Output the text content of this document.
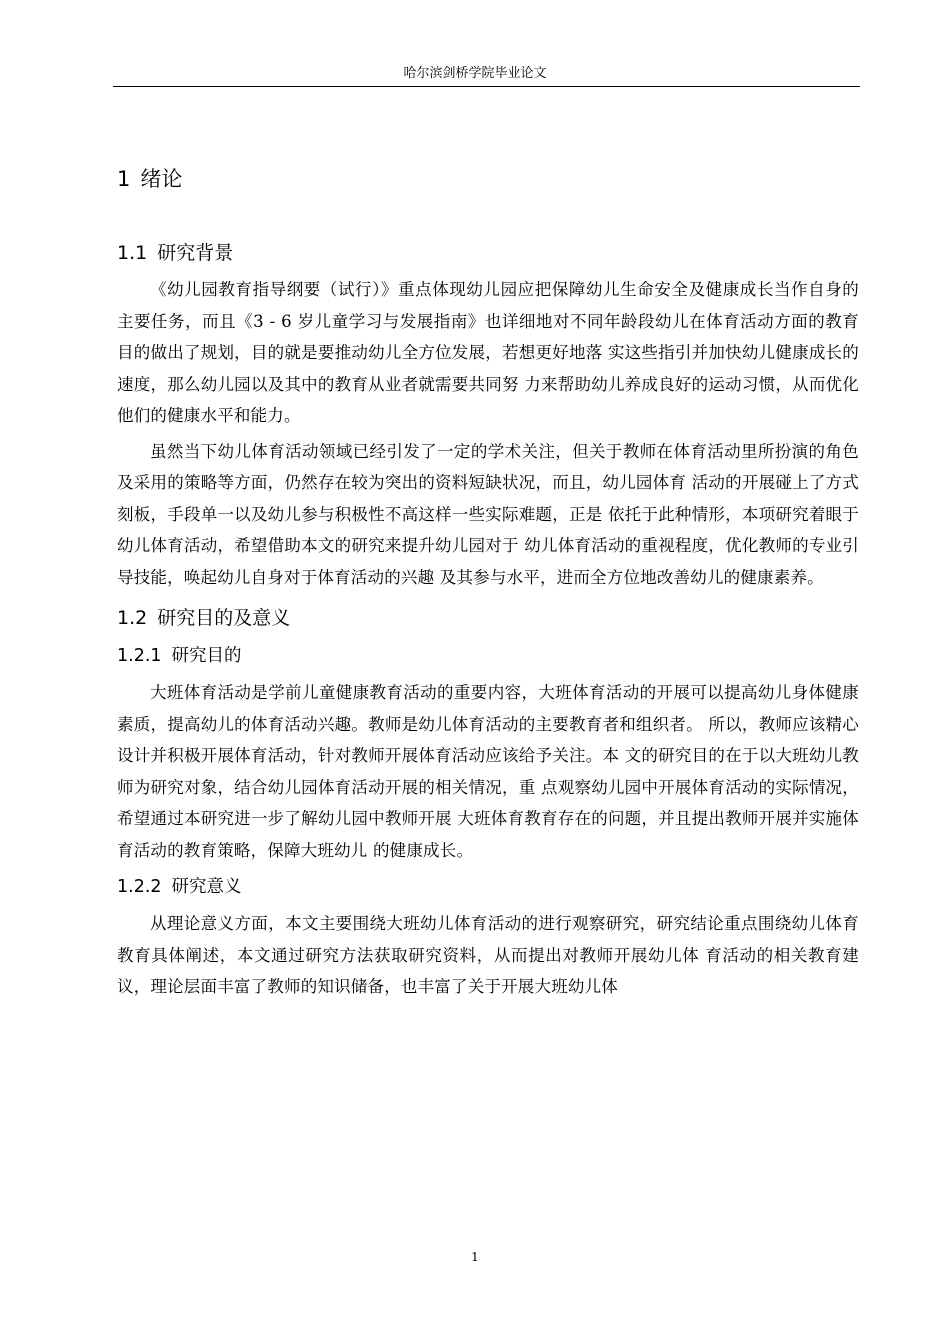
哈尔滨剑桥学院毕业论文
1 绪论
1.1 研究背景

《幼儿园教育指导纲要（试行）》重点体现幼儿园应把保障幼儿生命安全及健康成长当作自身的主要任务，而且《3 - 6 岁儿童学习与发展指南》也详细地对不同年龄段幼儿在体育活动方面的教育目的做出了规划，目的就是要推动幼儿全方位发展，若想更好地落 实这些指引并加快幼儿健康成长的速度，那么幼儿园以及其中的教育从业者就需要共同努 力来帮助幼儿养成良好的运动习惯，从而优化他们的健康水平和能力。

虽然当下幼儿体育活动领域已经引发了一定的学术关注，但关于教师在体育活动里所扮演的角色及采用的策略等方面，仍然存在较为突出的资料短缺状况，而且，幼儿园体育 活动的开展碰上了方式刻板，手段单一以及幼儿参与积极性不高这样一些实际难题，正是 依托于此种情形，本项研究着眼于幼儿体育活动，希望借助本文的研究来提升幼儿园对于 幼儿体育活动的重视程度，优化教师的专业引导技能，唤起幼儿自身对于体育活动的兴趣 及其参与水平，进而全方位地改善幼儿的健康素养。

1.2 研究目的及意义
1.2.1 研究目的

大班体育活动是学前儿童健康教育活动的重要内容，大班体育活动的开展可以提高幼儿身体健康素质，提高幼儿的体育活动兴趣。教师是幼儿体育活动的主要教育者和组织者。 所以，教师应该精心设计并积极开展体育活动，针对教师开展体育活动应该给予关注。本 文的研究目的在于以大班幼儿教师为研究对象，结合幼儿园体育活动开展的相关情况，重 点观察幼儿园中开展体育活动的实际情况，希望通过本研究进一步了解幼儿园中教师开展 大班体育教育存在的问题，并且提出教师开展并实施体育活动的教育策略，保障大班幼儿 的健康成长。

1.2.2 研究意义

从理论意义方面，本文主要围绕大班幼儿体育活动的进行观察研究，研究结论重点围绕幼儿体育教育具体阐述，本文通过研究方法获取研究资料，从而提出对教师开展幼儿体 育活动的相关教育建议，理论层面丰富了教师的知识储备，也丰富了关于开展大班幼儿体

1
